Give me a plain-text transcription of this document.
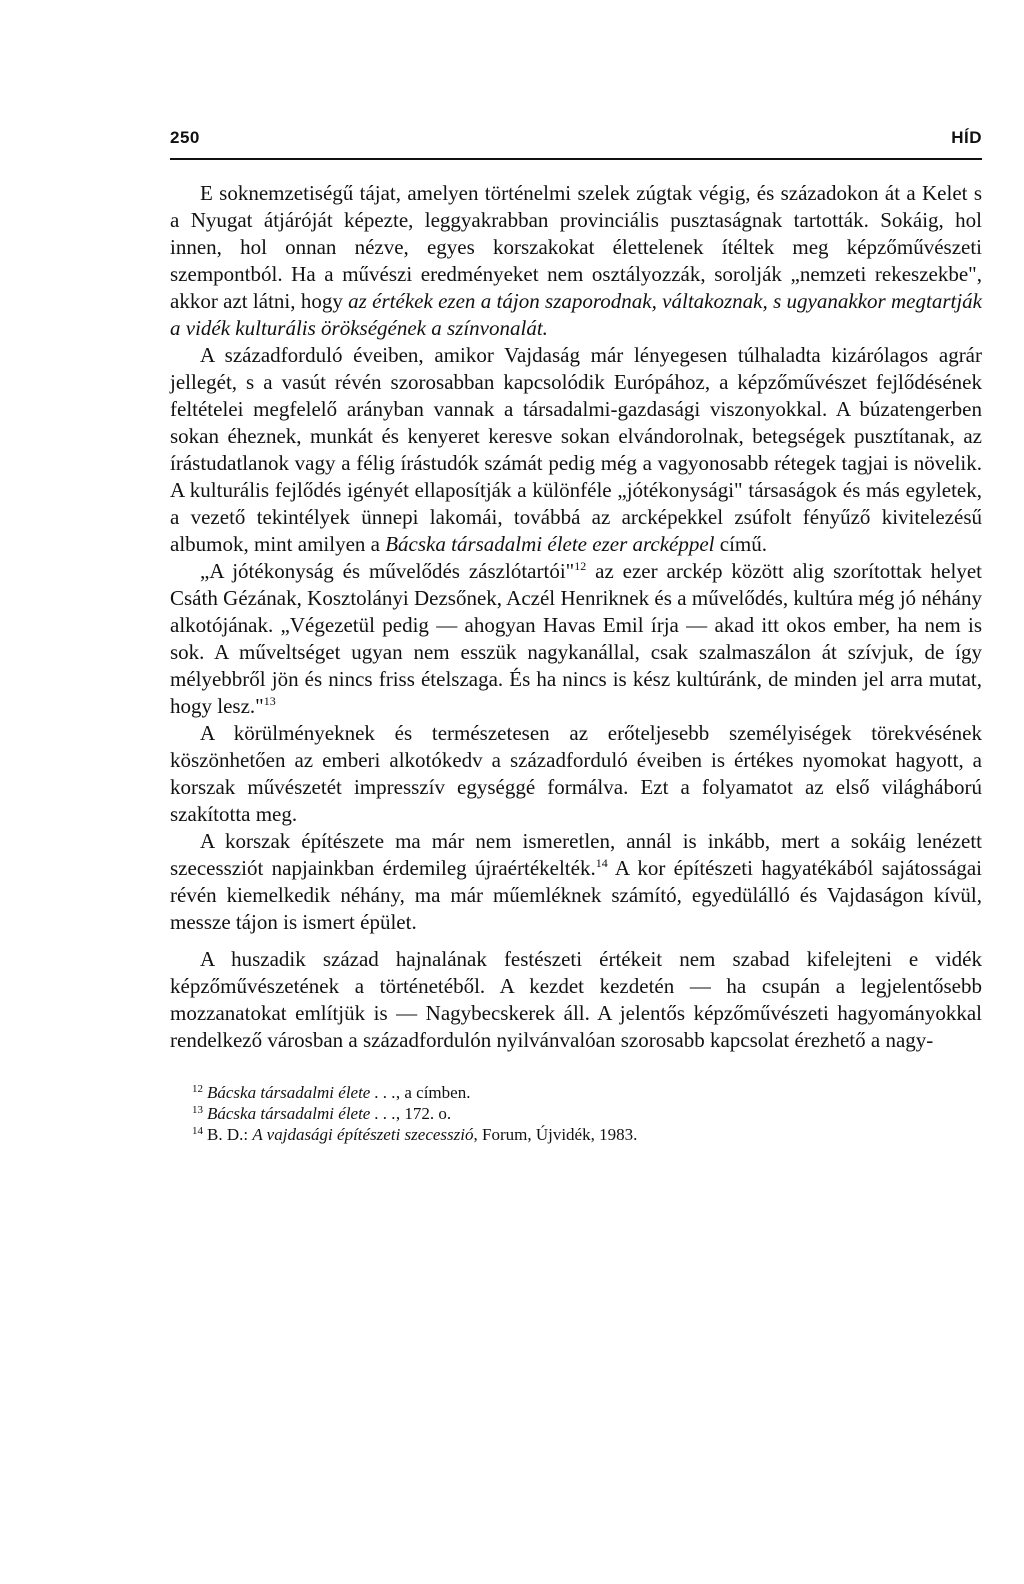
250	HÍD

E soknemzetiségű tájat, amelyen történelmi szelek zúgtak végig, és századokon át a Kelet s a Nyugat átjáróját képezte, leggyakrabban provinciális pusztaságnak tartották. Sokáig, hol innen, hol onnan nézve, egyes korszakokat élettelenek ítéltek meg képzőművészeti szempontból. Ha a művészi eredményeket nem osztályozzák, sorolják „nemzeti rekeszekbe", akkor azt látni, hogy az értékek ezen a tájon szaporodnak, váltakoznak, s ugyanakkor megtartják a vidék kulturális örökségének a színvonalát.

A századforduló éveiben, amikor Vajdaság már lényegesen túlhaladta kizárólagos agrár jellegét, s a vasút révén szorosabban kapcsolódik Európához, a képzőművészet fejlődésének feltételei megfelelő arányban vannak a társadalmi-gazdasági viszonyokkal. A búzatengerben sokan éheznek, munkát és kenyeret keresve sokan elvándorolnak, betegségek pusztítanak, az írástudatlanok vagy a félig írástudók számát pedig még a vagyonosabb rétegek tagjai is növelik. A kulturális fejlődés igényét ellaposítják a különféle „jótékonysági" társaságok és más egyletek, a vezető tekintélyek ünnepi lakomái, továbbá az arcképekkel zsúfolt fényűző kivitelezésű albumok, mint amilyen a Bácska társadalmi élete ezer arcképpel című.

„A jótékonyság és művelődés zászlótartói"$^{12}$ az ezer arckép között alig szorítottak helyet Csáth Gézának, Kosztolányi Dezsőnek, Aczél Henriknek és a művelődés, kultúra még jó néhány alkotójának. „Végezetül pedig — ahogyan Havas Emil írja — akad itt okos ember, ha nem is sok. A műveltséget ugyan nem esszük nagykanállal, csak szalmaszálon át szívjuk, de így mélyebbről jön és nincs friss ételszaga. És ha nincs is kész kultúránk, de minden jel arra mutat, hogy lesz."$^{13}$

A körülményeknek és természetesen az erőteljesebb személyiségek törekvésének köszönhetően az emberi alkotókedv a századforduló éveiben is értékes nyomokat hagyott, a korszak művészetét impresszív egységgé formálva. Ezt a folyamatot az első világháború szakította meg.

A korszak építészete ma már nem ismeretlen, annál is inkább, mert a sokáig lenézett szecessziót napjainkban érdemileg újraértékelték.$^{14}$ A kor építészeti hagyatékából sajátosságai révén kiemelkedik néhány, ma már műemléknek számító, egyedülálló és Vajdaságon kívül, messze tájon is ismert épület.

A huszadik század hajnalának festészeti értékeit nem szabad kifelejteni e vidék képzőművészetének a történetéből. A kezdet kezdetén — ha csupán a legjelentősebb mozzanatokat említjük is — Nagybecskerek áll. A jelentős képzőművészeti hagyományokkal rendelkező városban a századfordulón nyilvánvalóan szorosabb kapcsolat érezhető a nagy-

$^{12}$ Bácska társadalmi élete . . ., a címben.
$^{13}$ Bácska társadalmi élete . . ., 172. o.
$^{14}$ B. D.: A vajdasági építészeti szecesszió, Forum, Újvidék, 1983.
